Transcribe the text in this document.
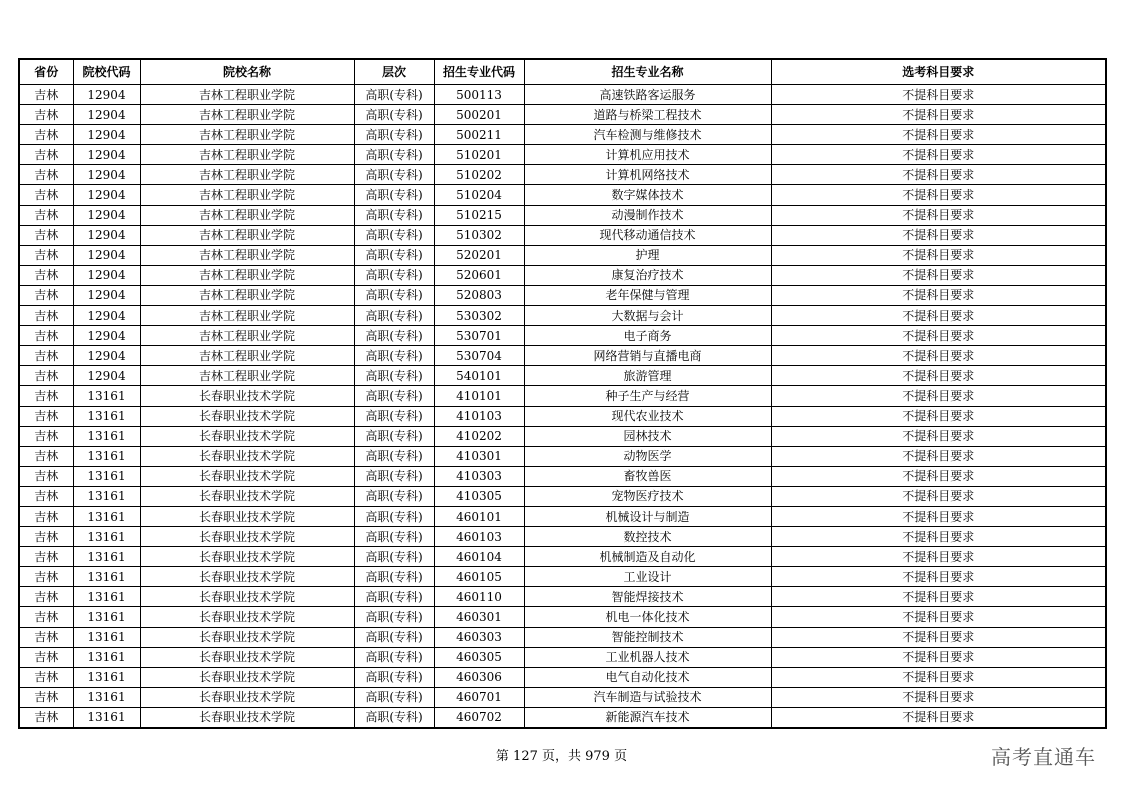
省份	院校代码	院校名称	层次	招生专业代码	招生专业名称	选考科目要求
吉林	12904	吉林工程职业学院	高职(专科)	500113	高速铁路客运服务	不提科目要求
吉林	12904	吉林工程职业学院	高职(专科)	500201	道路与桥梁工程技术	不提科目要求
吉林	12904	吉林工程职业学院	高职(专科)	500211	汽车检测与维修技术	不提科目要求
吉林	12904	吉林工程职业学院	高职(专科)	510201	计算机应用技术	不提科目要求
吉林	12904	吉林工程职业学院	高职(专科)	510202	计算机网络技术	不提科目要求
吉林	12904	吉林工程职业学院	高职(专科)	510204	数字媒体技术	不提科目要求
吉林	12904	吉林工程职业学院	高职(专科)	510215	动漫制作技术	不提科目要求
吉林	12904	吉林工程职业学院	高职(专科)	510302	现代移动通信技术	不提科目要求
吉林	12904	吉林工程职业学院	高职(专科)	520201	护理	不提科目要求
吉林	12904	吉林工程职业学院	高职(专科)	520601	康复治疗技术	不提科目要求
吉林	12904	吉林工程职业学院	高职(专科)	520803	老年保健与管理	不提科目要求
吉林	12904	吉林工程职业学院	高职(专科)	530302	大数据与会计	不提科目要求
吉林	12904	吉林工程职业学院	高职(专科)	530701	电子商务	不提科目要求
吉林	12904	吉林工程职业学院	高职(专科)	530704	网络营销与直播电商	不提科目要求
吉林	12904	吉林工程职业学院	高职(专科)	540101	旅游管理	不提科目要求
吉林	13161	长春职业技术学院	高职(专科)	410101	种子生产与经营	不提科目要求
吉林	13161	长春职业技术学院	高职(专科)	410103	现代农业技术	不提科目要求
吉林	13161	长春职业技术学院	高职(专科)	410202	园林技术	不提科目要求
吉林	13161	长春职业技术学院	高职(专科)	410301	动物医学	不提科目要求
吉林	13161	长春职业技术学院	高职(专科)	410303	畜牧兽医	不提科目要求
吉林	13161	长春职业技术学院	高职(专科)	410305	宠物医疗技术	不提科目要求
吉林	13161	长春职业技术学院	高职(专科)	460101	机械设计与制造	不提科目要求
吉林	13161	长春职业技术学院	高职(专科)	460103	数控技术	不提科目要求
吉林	13161	长春职业技术学院	高职(专科)	460104	机械制造及自动化	不提科目要求
吉林	13161	长春职业技术学院	高职(专科)	460105	工业设计	不提科目要求
吉林	13161	长春职业技术学院	高职(专科)	460110	智能焊接技术	不提科目要求
吉林	13161	长春职业技术学院	高职(专科)	460301	机电一体化技术	不提科目要求
吉林	13161	长春职业技术学院	高职(专科)	460303	智能控制技术	不提科目要求
吉林	13161	长春职业技术学院	高职(专科)	460305	工业机器人技术	不提科目要求
吉林	13161	长春职业技术学院	高职(专科)	460306	电气自动化技术	不提科目要求
吉林	13161	长春职业技术学院	高职(专科)	460701	汽车制造与试验技术	不提科目要求
吉林	13161	长春职业技术学院	高职(专科)	460702	新能源汽车技术	不提科目要求
第 127 页，共 979 页	高考直通车
